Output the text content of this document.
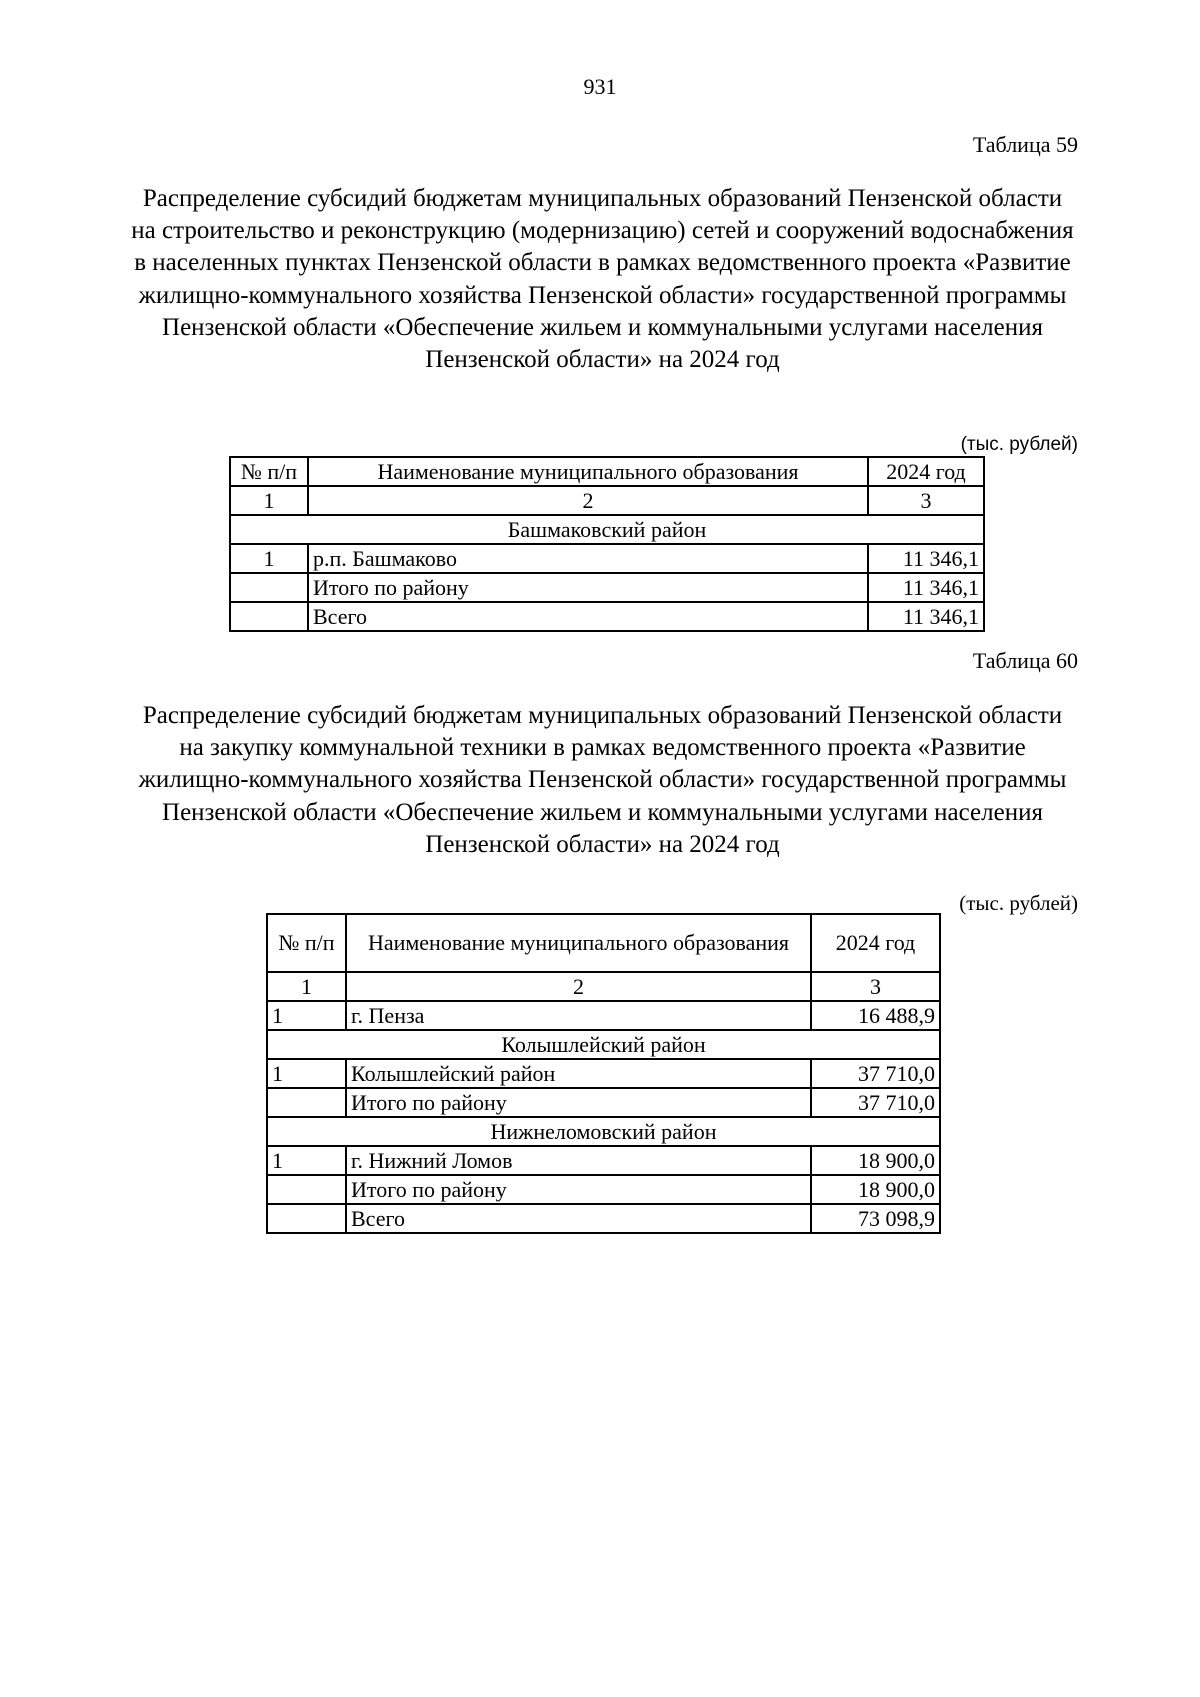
931
Таблица 59
Распределение субсидий бюджетам муниципальных образований Пензенской области на строительство и реконструкцию (модернизацию) сетей и сооружений водоснабжения в населенных пунктах Пензенской области в рамках ведомственного проекта «Развитие жилищно-коммунального хозяйства Пензенской области» государственной программы Пензенской области «Обеспечение жильем и коммунальными услугами населения Пензенской области» на 2024 год
(тыс. рублей)
№ п/п	Наименование муниципального образования	2024 год
1	2	3
Башмаковский район		
1	р.п. Башмаково	11 346,1
	Итого по району	11 346,1
	Всего	11 346,1
Таблица 60
Распределение субсидий бюджетам муниципальных образований Пензенской области на закупку коммунальной техники в рамках ведомственного проекта «Развитие жилищно-коммунального хозяйства Пензенской области» государственной программы Пензенской области «Обеспечение жильем и коммунальными услугами населения Пензенской области» на 2024 год
(тыс. рублей)
№ п/п	Наименование муниципального образования	2024 год
1	2	3
1	г. Пенза	16 488,9
Колышлейский район		
1	Колышлейский район	37 710,0
	Итого по району	37 710,0
Нижнеломовский район		
1	г. Нижний Ломов	18 900,0
	Итого по району	18 900,0
	Всего	73 098,9
